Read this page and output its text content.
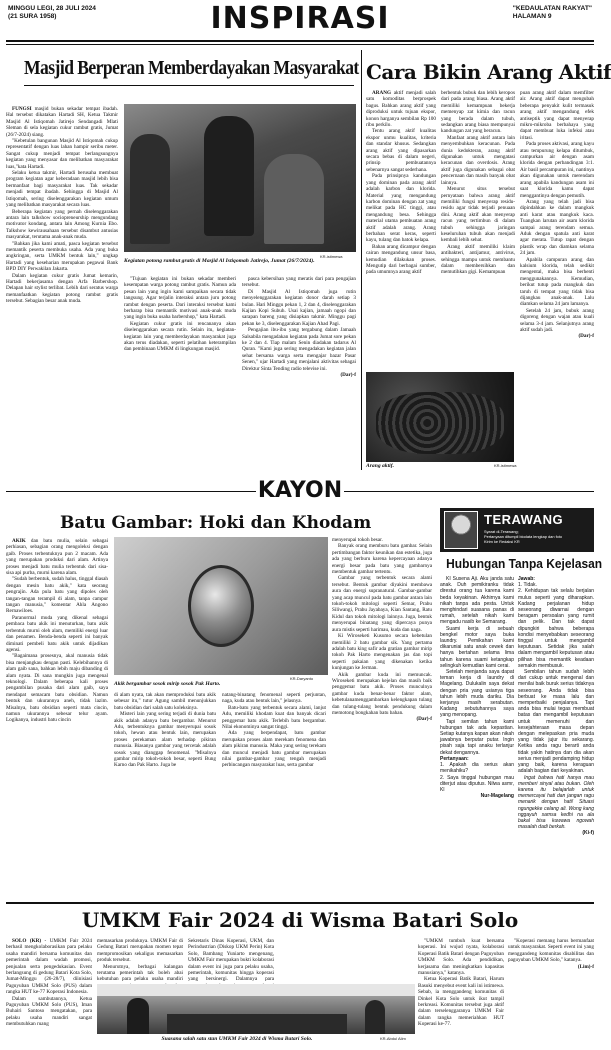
MINGGU LEGI, 28 JULI 2024
(21 SURA 1958)	INSPIRASI	"KEDAULATAN RAKYAT"
HALAMAN 9
Masjid Berperan Memberdayakan Masyarakat

FUNGSI masjid bukan sekadar tempat ibadah. Hal tersebut dikatakan Hartadi SH, Ketua Takmir Masjid Al Istiqomah Jatirejo Sendangadi Mlati Sleman di sela kegiatan cukur rambut gratis, Jumat (26/7-2024) siang.

"Kebetulan bangunan Masjid Al Istiqomah cukup representatif dengan luas lahan hampir seribu meter. Sangat cukup menjadi tempat berlangsungnya kegiatan yang menyasar dan melibatkan masyarakat luas,"kata Hartadi.

Selaku ketua takmir, Hartadi berusaha membuat program kegiatan agar keberadaan masjid lebih bisa bermanfaat bagi masyarakat luas. Tak sekadar menjadi tempat ibadah. Sehingga di Masjid Al Istiqomah, sering diselenggarakan kegiatan umum yang melibatkan masyarakat secara luas.

Beberapa kegiatan yang pernah diselenggarakan antara lain talkshow sociopreneurship mengundang motivator kondang, antara lain Among Kurnia Ebo. Talkshow kewirausahaan tersebut disambut antusias masyarakat, terutama anak-anak muda.

"Bahkan jika kami amati, pasca kegiatan tersebut memantik peserta membuka usaha. Ada yang buka angkringan, serta UMKM bentuk lain," ungkap Hartadi yang keseharian merupakan pegawai Bank BPD DIY Perwakilan Jakarta.

Dalam kegiatan cukur gratis Jumat kemarin, Hartadi bekerjasama dengan Arfa Barbershop. Delapan hair stylist terlibat. Lebih dari seratus warga memanfaatkan kegiatan potong rambut gratis tersebut. Sebagian besar anak muda.

KR-istimewa
Kegiatan potong rambut gratis di Masjid Al Istiqomah Jatirejo, Jumat (26/7/2024).

"Tujuan kegiatan ini bukan sekadar memberi kesempatan warga potong rambut gratis. Namun ada pesan lain yang ingin kami sampaikan secara tidak langsung. Agar terjalin interaksi antara juru potong rambut dengan peserta. Dari interaksi tersebut kami berharap bisa memantik motivasi anak-anak muda yang ingin buka usaha barbershop," kata Hartadi.

Kegiatan cukur gratis ini rencananya akan diselenggarakan secara rutin. Selain itu, kegiatan-kegiatan lain yang memberdayakan masyarakat juga akan terus diadakan, seperti pelatihan keterampilan dan pembinaan UMKM di lingkungan masjid.

pasca kebersihan yang meratis dari para pengajian tersebut.

Di Masjid Al Istiqomah juga rutin menyelenggarakan kegiatan donor darah setiap 3 bulan. Hari Minggu pekan 1, 2 dan 4, diselenggarakan Kajian Kopi Subuh. Usai kajian, jamaah ngopi dan sarapan bareng yang disiapkan takmir. Minggu pagi pekan ke 3, diselenggarakan Kajian Ahad Pagi.

Pengajian ibu-ibu yang tergabung dalam Jamaah Salsabila mengadakan kegiatan pada Jumat sore pekan ke 2 dan 4. Tiap malam Senin diadakan tadarus Al Quran. "Kami juga sering mengadakan kegiatan jalan sehat bersama warga serta mengajar bazar Pasar Senen," ujar Hartadi yang menjalani aktivitas sebagai Direktur Sinta Tending radio televise ini.

(Dar)-f

Cara Bikin Arang Aktif

ARANG aktif menjadi salah satu komoditas berprospek bagus. Bahkan arang aktif yang diproduksi untuk tujuan ekspor, konon harganya sembilan Rp 100 ribu perkilo.

Tentu arang aktif kualitas ekspor unmu kualitas, kriteria dan standar khusus. Sedangkan arang aktif yang dipasarkan secara bebas di dalam negeri, prinsip pembuatannya sebenarnya sangat sederhana.

Pada prinsipnya kandungan yang dominan pada arang aktif adalah karbon dan klorida. Material yang mengandung karbon dominan dengan zat yang melikat pada HC tinggi, atau mengandung besa. Sehingga material utama pembuatan arang aktif adalah arang. Arang berbahan serat keras, seperti kayu, tulang dan batok kelapa.

Bahan arang dicampur dengan cairan mengandung unsur basa, kemudian dilakukan proses. Mengutip dari berbagai sumber, pada umumnya arang aktif

berbentuk bubuk dan lebih keropos dari pada arang biasa. Arang aktif memiliki kemampuan bekerja memenyap zat kimia dan racun yang berada dalam tubuh, sedangkan arang biasa mempunyai kandungan zat yang beracun.

Manfaat arang aktif antara lain menyembuhkan keracunan. Pada dunia kedokteran, arang aktif digunakan untuk mengatasi keracunan dan overdosis. Arang aktif juga digunakan sebagai obat pencernaan dan masih banyak obat lainnya.

Menurut situs tersebut pernyataan bahwa arang aktif memiliki fungsi menyerap residu-residu agar tidak terjadi penuaan dini. Arang aktif akan menyerap racun yang tertimbun di dalam tubuh sehingga jaringan keseluruhan tubuh akan menjadi kembali lebih sehat.

Arang aktif memiliki klaim antibakteri, antijamur, antivirus, sehingga mampu untuk membantu dalam membersihkan dan memutihkan gigi. Kemampuan

puan arang aktif dalam memfilter air. Arang aktif dapat mengubah beberapa penyakit kulit termasuk arang aktif mengandung efek antiseptik yang dapat menyerap mikro-mikroba berbahaya yang dapat membuat luka infeksi atau iritasi.

Pada proses aktivasi, arang kayu atau tempurung kelapa ditumbuk, campurkan air dengan asam klorida dengan perbandingan 3:1. Air basil percampuran ini, nantinya akan digunakan untuk merendam arang apabila kandungan asam ini saat klorida kamu dapat menggantinya dengan pemutih.

Arang yang telah jadi bisa dipindahkan ke dalam mangkuk anti karat atau mangkuk kaca. Tuangkan larutan air asam klorida sampai arang terendam semua. Aduk dengan spatula anti karat agar merata. Tutup rapat dengan plastik wrap dan diamkan selama 24 jam.

Apabila campuran arang dan kalsium klorida, telah sedikit mengental, maka bisa berhenti menggunakannya. Kemudian, berikut tutup pada mangkuk dan taruh di tempat yang tidak bisa dijangkau anak-anak. Lalu diamkan selama 24 jam lamanya.

Setelah 24 jam, bubuk arang digoreng dengan wajan atau kuali selama 3-4 jam. Selanjutnya arang aktif sudah jadi.

(Dar)-f

KR-istimewa
Arang aktif.
KAYON
Batu Gambar: Hoki dan Khodam

AKIK dan batu mulia, selain sebagai perhiasan, sebagian orang mengoleksi dengan gaib. Proses terbentuknya pun 2 macam. Ada yang merupakan produksi dari alam. Artinya proses menjadi batu mulia terbentuk dari sisa-sisa api purba, murni karena alam.

"Sudah berbentuk, sudah halus, tinggal diasah dengan mesin batu akik," kata seorang pengrajin. Ada pula batu yang dipoles oleh tangan-tangan terampil di alam, tanpa campur tangan manusia," komentar Ahla Angono Rernawiloes.

Paranormal muda yang dikenal sebagai pembaca batu akik ini menuturkan, batu akik terbentuk murni oleh alam, memiliki energi luar dan penamen. Benda-benda seperti ini banyak diminati pembeli batu akik untuk dijadikan agensi.

"Bagaimana prosesnya, akal manusia tidak bisa menjangkau dengan pasti. Kelebihannya di alam gaib sana, bahkan lebih maju dibanding di alam nyata. Di sana mungkin juga mengenal teknologi. Dalam beberapa kali proses pengambilan pusaka dari alam gaib, saya mendapat semacam batu obsidian. Namun bentuk dan ukurannya aneh, tidak lazim. Misalnya, batu obsidian seperti mata cincin, namun ukurannya sebesar telur ayam. Logikanya, industri batu cincin

KR-Daryanto
Akik bergambar sosok mirip sosok Pak Harto.

di alam nyata, tak akan memproduksi batu akik sebesar itu," tutur Agung sambil menunjukkan batu obsidian dari salah satu koleksinya.

Misteri lain yang sering terjadi di dunia batu akik adalah adanya batu bergambar. Menurut Adu, terbentuknya gambar menyerupai sosok tokoh, hewan atau bentuk lain, merupakan proses perekaman alam terhadap pikiran manusia. Biasanya gambar yang tercetak adalah sosok yang dianggap fenomenal. "Misalnya gambar mirip tokoh-tokoh besar, seperti Bung Karno dan Pak Harto. Juga be

natang-binatang fenomenal seperti perjuntan, naga, kuda atau bentuk lain," jelasnya.

Batu-batu yang terbentuk secara alami, lanjut Adu, memiliki khodam kuat dan banyak dicari penggemar batu akik. Terlebih batu bergambar. Nilai ekonominya sangat tinggi.

Ada yang berpendapat, batu gambar merupakan proses alam merekam fenomena dan alam pikiran manusia. Maka yang sering terekam dan muncul menjadi batu gambar merupakan nilai gambar-gambar yang tengah menjadi perbincangan masyarakat luas, serta gambar

menyerupai tokoh besar.

Banyak orang memburu batu gambar. Selain pertimbangan faktor keunikan dan estetika, juga ada yang berburu karena kepercayaan adanya energi besar pada batu yang gambarnya membentuk gambar tertentu.

Gambar yang terbentuk secara alami tersebut. Bentuk gambar diyakini membawa aura dan energi supranatural. Gambar-gambar yang acap muncul pada batu gambar antara lain tokoh-tokoh mitologi seperti Semar, Prabu Siliwangi, Prabu Jayabaya, Kian Santang, Ratu Kidul dan tokoh mitologi lainnya. Juga, bentuk menyerupai binatang yang dipercaya punya aura mistis seperti harimau, kuda dan naga.

Ki Wiroseketi Kusumo secara kebetulan memiliki 2 batu gambar sik. Yang pertama adalah batu king safir ada gratian gambar mirip tokoh Pak Harto mengenakan jas dan topi seperti pakaian yang dikenakan ketika kunjungan ke Jerman.

Akik gambar kuda ini memuncak. Wiroseketi merupakan kejelan dan masih baik penggemar batu akik. Proses munculnya gambar kuda benar-benar faktor alam, kebetulanamenggambarkan kelengkapan tulang dan tulang-tulang bentuk pendukung dalam memotong bongkahan batu bahan.

(Dar)-f

TERAWANG
Syarat di-Terawang;
Pertanyaan ditumpil biodata lengkap dan foto
Kirim ke Redaksi KR
Hubungan Tanpa Kejelasan

KI Susena Aji. Aku janda satu anak. Duh pemikiranku tidak direstui orang tua karena kami beda keyakinan. Akhirnya kami nikah tanpa ada pesta. Untuk menghindari suasana panas di rumah, setelah nikah kami mengadu nasib ke Semarang.

Suami kerja di sebuah bengkel motor saya buka laundry. Pemikahan kami dikaruniai satu anak cewek dan hanya bertahan selama lima tahun karena suami ketangkap selingkuh kemudian kami cerai.

Setelah menjanda saya dapat teman kerja di laundry di Magelang. Dulukalin saya dekat dengan pria yang usianya tiga tahun lebih muda dariku. Dia kerjanya masih serabutan. Kadang sebutuhannya saya yang menopang.

Tapi semilan tahun kami hubungan tak ada kepastian. Setiap kutanya kapan akan nikah jawabnya berputar putar. Ingin pisah saja tapi anaku terlanjur dekat dengannya.

Pertanyaan:

1. Apakah dia serius akan menikahiku?

2. Saya tinggal hubungan mau diterjut atau diputus. Nilwa asmr, Kl

Nur-Magelang

Jawab:

1. Tidak.

2. Kehidupan tak selalu berjalan mulus seperti yang diharapkan. Kadang perjalanan hidup seseorang diwarnai dengan beragam persoalan yang rumit dan pelik. Dan tak dapat dipungkiri bahwa beberapa kondisi menyebabkan seseorang tinggal untuk mengambil keputusan. Setidak jika salah dalam mengambil keputusan atau pilihan bisa memantik keadaan semakin membusuk.

Sembilan tahun sudah lebih dari cukup untuk mengenal dan menilai baik buruk serius tidaknya seseorang. Anda tidak bisa berbuat ke masa lalu dan memperbaiki penjalanya. Tapi anda bisa mulai tegas membuat batas dan mengambil keputusan untuk memenuhi dan kesejahteraan masa depan dengan melepaskan pria muda yang tidak jujur itu sekarang. Ketika anda ragu berarti anda tidak yakin hatinya dan dia akan serius menjadi pendamping hidup yang baik, karena keraguan adalah bagian dari keyakinan.

Ingat bahwa hati hanya mau memberi sinyal atau bukan. Oleh karena itu belajarlah untuk memercayai hati dan jangan ragu menarik dengan hati! Situasi ngungekke celang ali. Wong kang nggayuh samsa kedhi na ala bakal bisa kuwawa ngowah masalah dadi berkah.

(Ki-f)

UMKM Fair 2024 di Wisma Batari Solo

SOLO (KR) - UMKM Fair 2024 berhasil mengkolaborasikan para pelaku usaha mandiri bersama komunitas dan pemerintah dalam wadah promosi, penjualan serta pengedukasian. Event berlangsung di gedung Batari Kota Solo, Jumat-Minggu (26-28/7), diinisiasi Paguyuban UMKM Solo (PUS) dalam rangka HUT ke-77 Koperasi Indonesia.

Dalam sambutannya, Ketua Paguyuban UMKM Solo (PUS), Iman Buhairi Santoso mengatakan, para pelaku usaha mandiri sangat membutuhkan ruang

memasarkan produknya. UMKM Fair di Gedung Batari merupakan momen tepat mempromosikan sekaligus memasarkan produk tersebut.

Menurutnya, berbagai kalangan terutama pemerintah tak boleh abai kebutuhan para pelaku usaha mandiri

Sekretaris Dinas Koperasi, UKM, dan Perindustrian (Diskop UKM Perin) Kota Solo, Bambang Yuniarto mengenang, UMKM Fair merupakan bukti kolaborasi dalam event ini juga para pelaku usaha, pemerintah, komunitas hingga koperasi yang bersinergi. Dalamnya para

"UMKM tumbuh kuat bersama koperasi. Ini wujud nyata, kolaborasi Koperasi Batik Batari dengan Paguyuban UMKM Solo. Ada pendidikan, kerjasama dan meningkatkan kapasitas manusianya," katanya.

Ketua Koperasi Batik Batari, Harum Basuki menyebut event kali ini istimewa. Sebab, ia menggandeng komunitas di Dinkel Kota Solo untuk ikut tampil berkreasi. Komunitas tersebut juga aktif dalam terselenggaranya UMKM Fair dalam rangka memeriahkan HUT Koperasi ke-77.

"Koperasi memang harus bermanfaat untuk masyarakat. Seperti event ini yang menggandeng komunitas disabilitas dan paguyuban UMKM Solo," katanya.

(Lim)-f

KR-Abdul Alim
Suasana salah satu stan UMKM Fair 2024 di Wisma Batari Solo.
